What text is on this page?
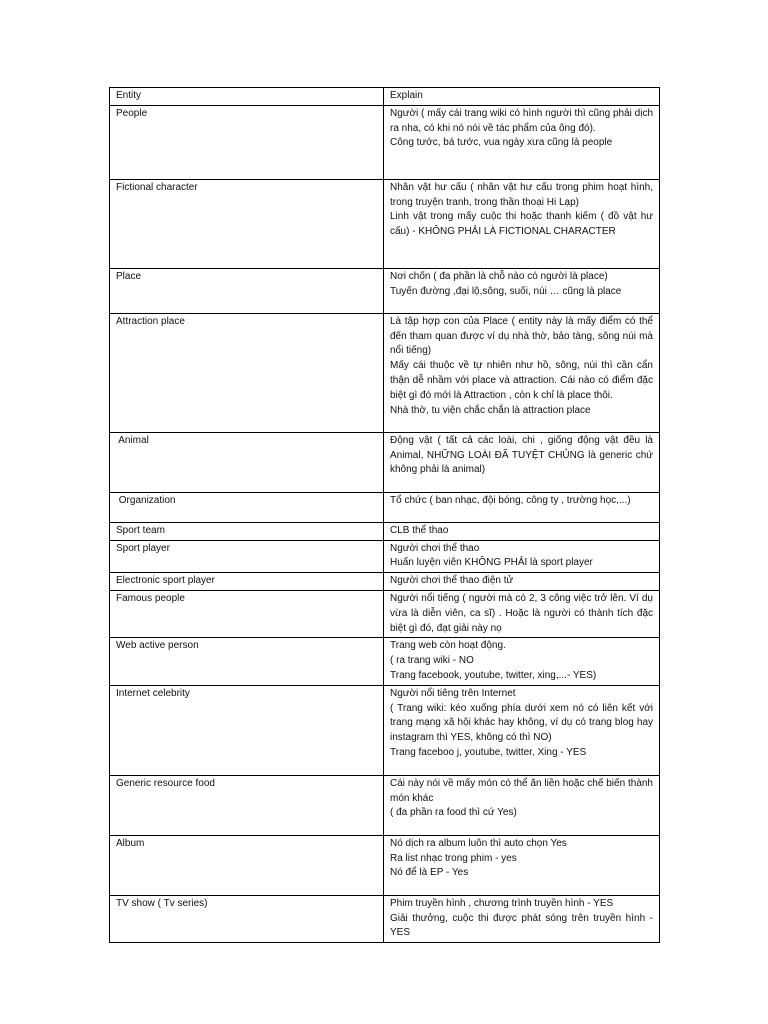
Entity	Explain
People	Người ( mấy cái trang wiki có hình người thì cũng phải dịch ra nha, có khi nó nói về tác phẩm của ông đó).
Công tước, bá tước, vua ngày xưa cũng là people

Fictional character	Nhân vật hư cấu ( nhân vật hư cấu trong phim hoạt hình, trong truyện tranh, trong thần thoại Hi Lạp)
Linh vật trong mấy cuộc thi hoặc thanh kiếm ( đồ vật hư cấu) - KHÔNG PHẢI LÀ FICTIONAL CHARACTER

Place	Nơi chốn ( đa phần là chỗ nào có người là place)
Tuyến đường ,đại lộ,sông, suối, núi … cũng là place

Attraction place	Là tập hợp con của Place ( entity này là mấy điểm có thể đến tham quan được ví dụ nhà thờ, bảo tàng, sông núi mà nổi tiếng)
Mấy cái thuộc về tự nhiên như hồ, sông, núi thì cần cẩn thận dễ nhầm với place và attraction. Cái nào có điểm đặc biệt gì đó mới là Attraction , còn k chỉ là place thôi.
Nhà thờ, tu viện chắc chắn là attraction place

Animal	Động vật ( tất cả các loài, chi , giống động vật đều là Animal, NHỮNG LOÀI ĐÃ TUYỆT CHỦNG là generic chứ không phải là animal)

Organization	Tổ chức ( ban nhạc, đội bóng, công ty , trường học,...)

Sport team	CLB thể thao

Sport player	Người chơi thể thao
Huấn luyện viên KHÔNG PHẢI là sport player

Electronic sport player	Người chơi thể thao điện tử

Famous people	Người nổi tiếng ( người mà có 2, 3 công việc trở lên. Ví dụ vừa là diễn viên, ca sĩ) . Hoặc là người có thành tích đặc biệt gì đó, đạt giải này nọ

Web active person	Trang web còn hoạt động.
( ra trang wiki - NO
Trang facebook, youtube, twitter, xing,...- YES)

Internet celebrity	Người nổi tiêng trên Internet
( Trang wiki: kéo xuống phía dưới xem nó có liên kết với trang mạng xã hội khác hay không, ví dụ có trang blog hay instagram thì YES, không có thì NO)
Trang faceboo j, youtube, twitter, Xing - YES

Generic resource food	Cái này nói về mấy món có thể ăn liền hoặc chế biến thành món khác
( đa phần ra food thì cứ Yes)

Album	Nó dịch ra album luôn thì auto chọn Yes
Ra list nhạc trong phim - yes
Nó để là EP - Yes

TV show ( Tv series)	Phim truyền hình , chương trình truyền hình - YES
Giải thưởng, cuộc thi được phát sóng trên truyền hình - YES
